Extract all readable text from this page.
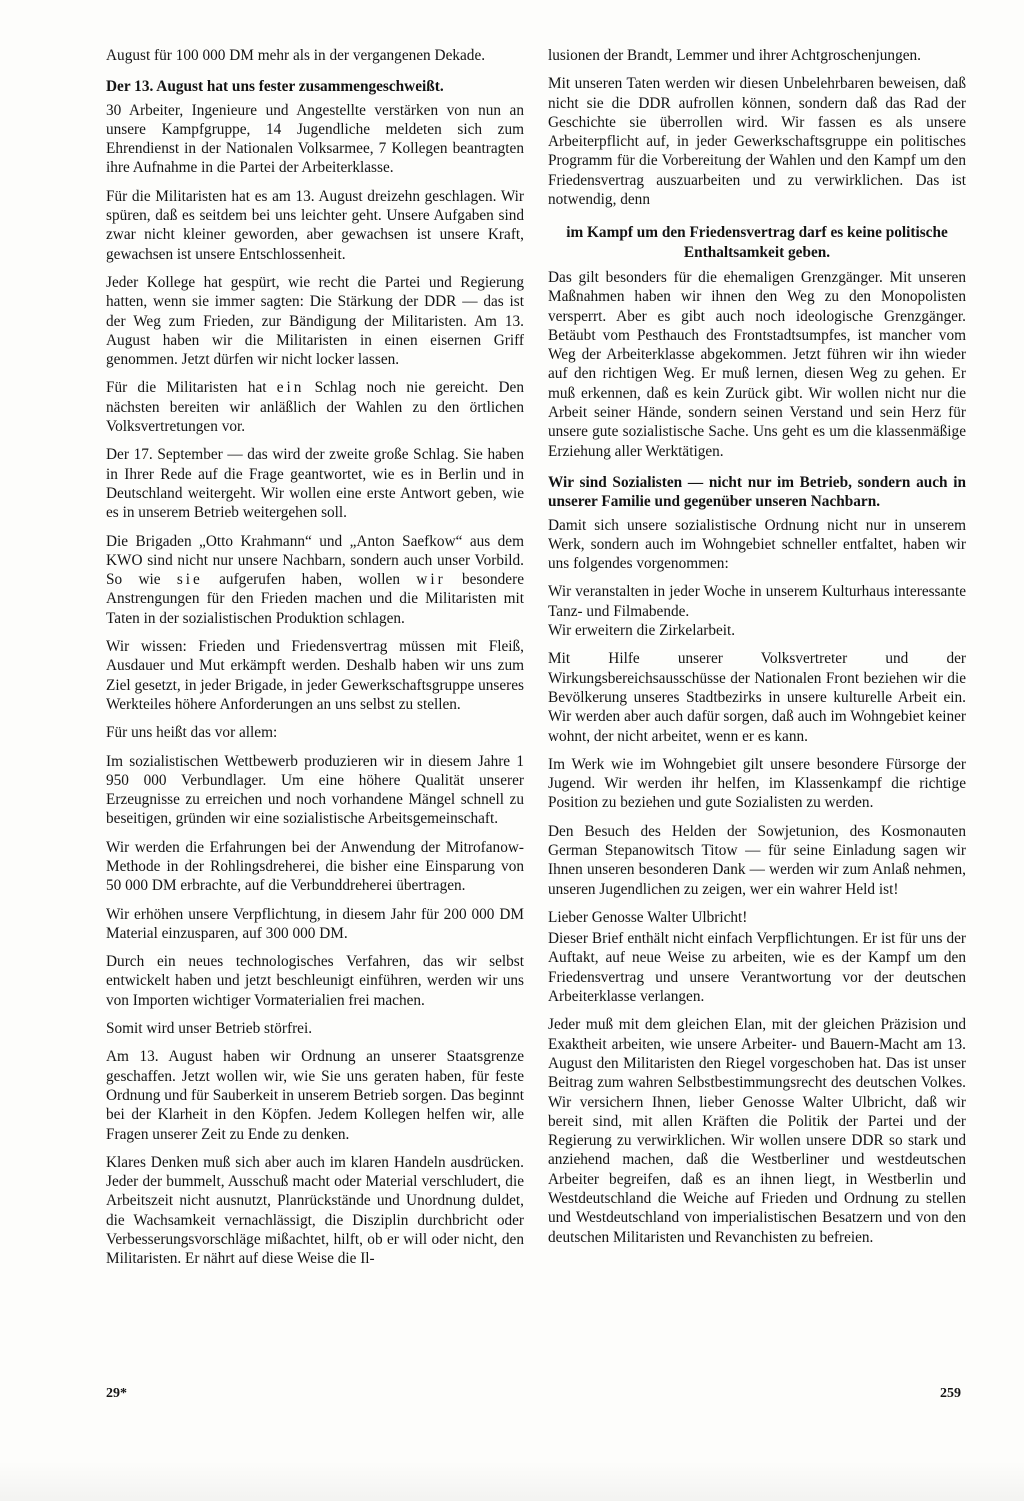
August für 100 000 DM mehr als in der vergangenen Dekade.

Der 13. August hat uns fester zusammengeschweißt.

30 Arbeiter, Ingenieure und Angestellte verstärken von nun an unsere Kampfgruppe, 14 Jugendliche meldeten sich zum Ehrendienst in der Nationalen Volksarmee, 7 Kollegen beantragten ihre Aufnahme in die Partei der Arbeiterklasse.

Für die Militaristen hat es am 13. August dreizehn geschlagen. Wir spüren, daß es seitdem bei uns leichter geht. Unsere Aufgaben sind zwar nicht kleiner geworden, aber gewachsen ist unsere Kraft, gewachsen ist unsere Entschlossenheit.

Jeder Kollege hat gespürt, wie recht die Partei und Regierung hatten, wenn sie immer sagten: Die Stärkung der DDR — das ist der Weg zum Frieden, zur Bändigung der Militaristen. Am 13. August haben wir die Militaristen in einen eisernen Griff genommen. Jetzt dürfen wir nicht locker lassen.

Für die Militaristen hat ein Schlag noch nie gereicht. Den nächsten bereiten wir anläßlich der Wahlen zu den örtlichen Volksvertretungen vor.

Der 17. September — das wird der zweite große Schlag. Sie haben in Ihrer Rede auf die Frage geantwortet, wie es in Berlin und in Deutschland weitergeht. Wir wollen eine erste Antwort geben, wie es in unserem Betrieb weitergehen soll.

Die Brigaden „Otto Krahmann“ und „Anton Saefkow“ aus dem KWO sind nicht nur unsere Nachbarn, sondern auch unser Vorbild. So wie sie aufgerufen haben, wollen wir besondere Anstrengungen für den Frieden machen und die Militaristen mit Taten in der sozialistischen Produktion schlagen.

Wir wissen: Frieden und Friedensvertrag müssen mit Fleiß, Ausdauer und Mut erkämpft werden. Deshalb haben wir uns zum Ziel gesetzt, in jeder Brigade, in jeder Gewerkschaftsgruppe unseres Werkteiles höhere Anforderungen an uns selbst zu stellen.

Für uns heißt das vor allem:

Im sozialistischen Wettbewerb produzieren wir in diesem Jahre 1 950 000 Verbundlager. Um eine höhere Qualität unserer Erzeugnisse zu erreichen und noch vorhandene Mängel schnell zu beseitigen, gründen wir eine sozialistische Arbeitsgemeinschaft.

Wir werden die Erfahrungen bei der Anwendung der Mitrofanow-Methode in der Rohlingsdreherei, die bisher eine Einsparung von 50 000 DM erbrachte, auf die Verbunddreherei übertragen.

Wir erhöhen unsere Verpflichtung, in diesem Jahr für 200 000 DM Material einzusparen, auf 300 000 DM.

Durch ein neues technologisches Verfahren, das wir selbst entwickelt haben und jetzt beschleunigt einführen, werden wir uns von Importen wichtiger Vormaterialien frei machen.

Somit wird unser Betrieb störfrei.

Am 13. August haben wir Ordnung an unserer Staatsgrenze geschaffen. Jetzt wollen wir, wie Sie uns geraten haben, für feste Ordnung und für Sauberkeit in unserem Betrieb sorgen. Das beginnt bei der Klarheit in den Köpfen. Jedem Kollegen helfen wir, alle Fragen unserer Zeit zu Ende zu denken.

Klares Denken muß sich aber auch im klaren Handeln ausdrücken. Jeder der bummelt, Ausschuß macht oder Material verschludert, die Arbeitszeit nicht ausnutzt, Planrückstände und Unordnung duldet, die Wachsamkeit vernachlässigt, die Disziplin durchbricht oder Verbesserungsvorschläge mißachtet, hilft, ob er will oder nicht, den Militaristen. Er nährt auf diese Weise die Il-

lusionen der Brandt, Lemmer und ihrer Achtgroschenjungen.

Mit unseren Taten werden wir diesen Unbelehrbaren beweisen, daß nicht sie die DDR aufrollen können, sondern daß das Rad der Geschichte sie überrollen wird. Wir fassen es als unsere Arbeiterpflicht auf, in jeder Gewerkschaftsgruppe ein politisches Programm für die Vorbereitung der Wahlen und den Kampf um den Friedensvertrag auszuarbeiten und zu verwirklichen. Das ist notwendig, denn

im Kampf um den Friedensvertrag darf es keine politische Enthaltsamkeit geben.

Das gilt besonders für die ehemaligen Grenzgänger. Mit unseren Maßnahmen haben wir ihnen den Weg zu den Monopolisten versperrt. Aber es gibt auch noch ideologische Grenzgänger. Betäubt vom Pesthauch des Frontstadtsumpfes, ist mancher vom Weg der Arbeiterklasse abgekommen. Jetzt führen wir ihn wieder auf den richtigen Weg. Er muß lernen, diesen Weg zu gehen. Er muß erkennen, daß es kein Zurück gibt. Wir wollen nicht nur die Arbeit seiner Hände, sondern seinen Verstand und sein Herz für unsere gute sozialistische Sache. Uns geht es um die klassenmäßige Erziehung aller Werktätigen.

Wir sind Sozialisten — nicht nur im Betrieb, sondern auch in unserer Familie und gegenüber unseren Nachbarn.

Damit sich unsere sozialistische Ordnung nicht nur in unserem Werk, sondern auch im Wohngebiet schneller entfaltet, haben wir uns folgendes vorgenommen:

Wir veranstalten in jeder Woche in unserem Kulturhaus interessante Tanz- und Filmabende.
Wir erweitern die Zirkelarbeit.

Mit Hilfe unserer Volksvertreter und der Wirkungsbereichsausschüsse der Nationalen Front beziehen wir die Bevölkerung unseres Stadtbezirks in unsere kulturelle Arbeit ein. Wir werden aber auch dafür sorgen, daß auch im Wohngebiet keiner wohnt, der nicht arbeitet, wenn er es kann.

Im Werk wie im Wohngebiet gilt unsere besondere Fürsorge der Jugend. Wir werden ihr helfen, im Klassenkampf die richtige Position zu beziehen und gute Sozialisten zu werden.

Den Besuch des Helden der Sowjetunion, des Kosmonauten German Stepanowitsch Titow — für seine Einladung sagen wir Ihnen unseren besonderen Dank — werden wir zum Anlaß nehmen, unseren Jugendlichen zu zeigen, wer ein wahrer Held ist!

Lieber Genosse Walter Ulbricht!

Dieser Brief enthält nicht einfach Verpflichtungen. Er ist für uns der Auftakt, auf neue Weise zu arbeiten, wie es der Kampf um den Friedensvertrag und unsere Verantwortung vor der deutschen Arbeiterklasse verlangen.

Jeder muß mit dem gleichen Elan, mit der gleichen Präzision und Exaktheit arbeiten, wie unsere Arbeiter- und Bauern-Macht am 13. August den Militaristen den Riegel vorgeschoben hat. Das ist unser Beitrag zum wahren Selbstbestimmungsrecht des deutschen Volkes. Wir versichern Ihnen, lieber Genosse Walter Ulbricht, daß wir bereit sind, mit allen Kräften die Politik der Partei und der Regierung zu verwirklichen. Wir wollen unsere DDR so stark und anziehend machen, daß die Westberliner und westdeutschen Arbeiter begreifen, daß es an ihnen liegt, in Westberlin und Westdeutschland die Weiche auf Frieden und Ordnung zu stellen und Westdeutschland von imperialistischen Besatzern und von den deutschen Militaristen und Revanchisten zu befreien.

29*	259
